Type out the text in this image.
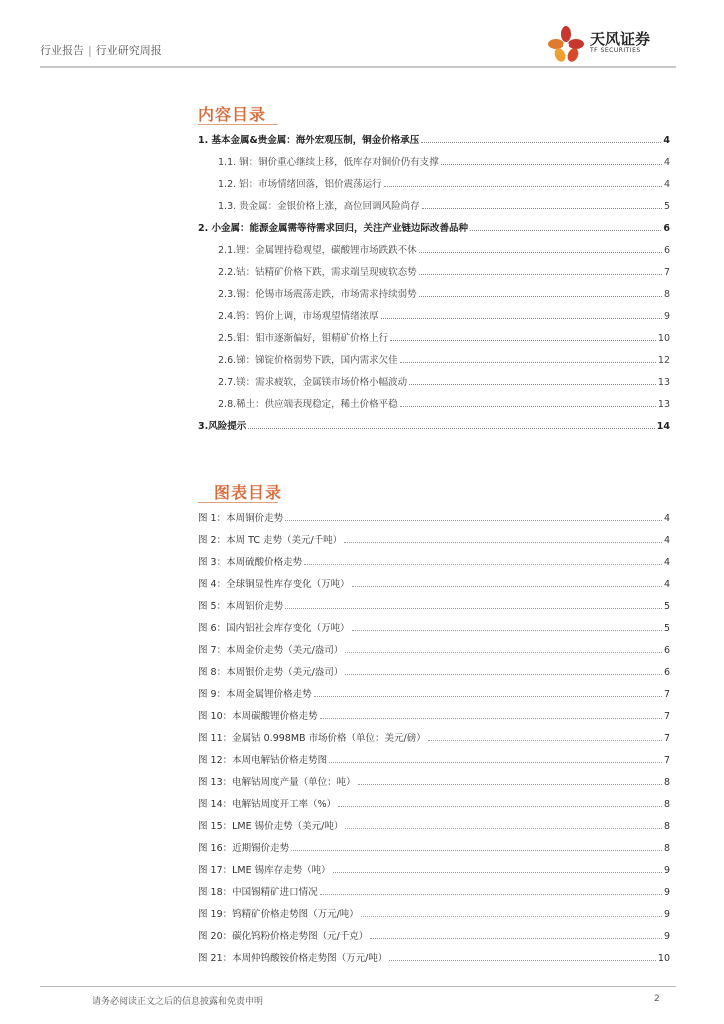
行业报告 | 行业研究周报
天风证券
TF SECURITIES
内容目录
1. 基本金属&贵金属：海外宏观压制，铜金价格承压	4
1.1. 铜：铜价重心继续上移，低库存对铜价仍有支撑	4
1.2. 铝：市场情绪回落，铝价震荡运行	4
1.3. 贵金属：金银价格上涨，高位回调风险尚存	5
2. 小金属：能源金属需等待需求回归，关注产业链边际改善品种	6
2.1.锂：金属锂持稳观望，碳酸锂市场跌跌不休	6
2.2.钴：钴精矿价格下跌，需求端呈现疲软态势	7
2.3.锡：伦锡市场震荡走跌，市场需求持续弱势	8
2.4.钨：钨价上调，市场观望情绪浓厚	9
2.5.钼：钼市逐渐偏好，钼精矿价格上行	10
2.6.锑：锑锭价格弱势下跌，国内需求欠佳	12
2.7.镁：需求疲软，金属镁市场价格小幅波动	13
2.8.稀土：供应端表现稳定，稀土价格平稳	13
3.风险提示	14
图表目录
图 1：本周铜价走势	4
图 2：本周 TC 走势（美元/千吨）	4
图 3：本周硫酸价格走势	4
图 4：全球铜显性库存变化（万吨）	4
图 5：本周铝价走势	5
图 6：国内铝社会库存变化（万吨）	5
图 7：本周金价走势（美元/盎司）	6
图 8：本周银价走势（美元/盎司）	6
图 9：本周金属锂价格走势	7
图 10：本周碳酸锂价格走势	7
图 11：金属钴 0.998MB 市场价格（单位：美元/磅）	7
图 12：本周电解钴价格走势图	7
图 13：电解钴周度产量（单位：吨）	8
图 14：电解钴周度开工率（%）	8
图 15：LME 锡价走势（美元/吨）	8
图 16：近期锡价走势	8
图 17：LME 锡库存走势（吨）	9
图 18：中国锡精矿进口情况	9
图 19：钨精矿价格走势图（万元/吨）	9
图 20：碳化钨粉价格走势图（元/千克）	9
图 21：本周仲钨酸铵价格走势图（万元/吨）	10
请务必阅读正文之后的信息披露和免责申明	2
